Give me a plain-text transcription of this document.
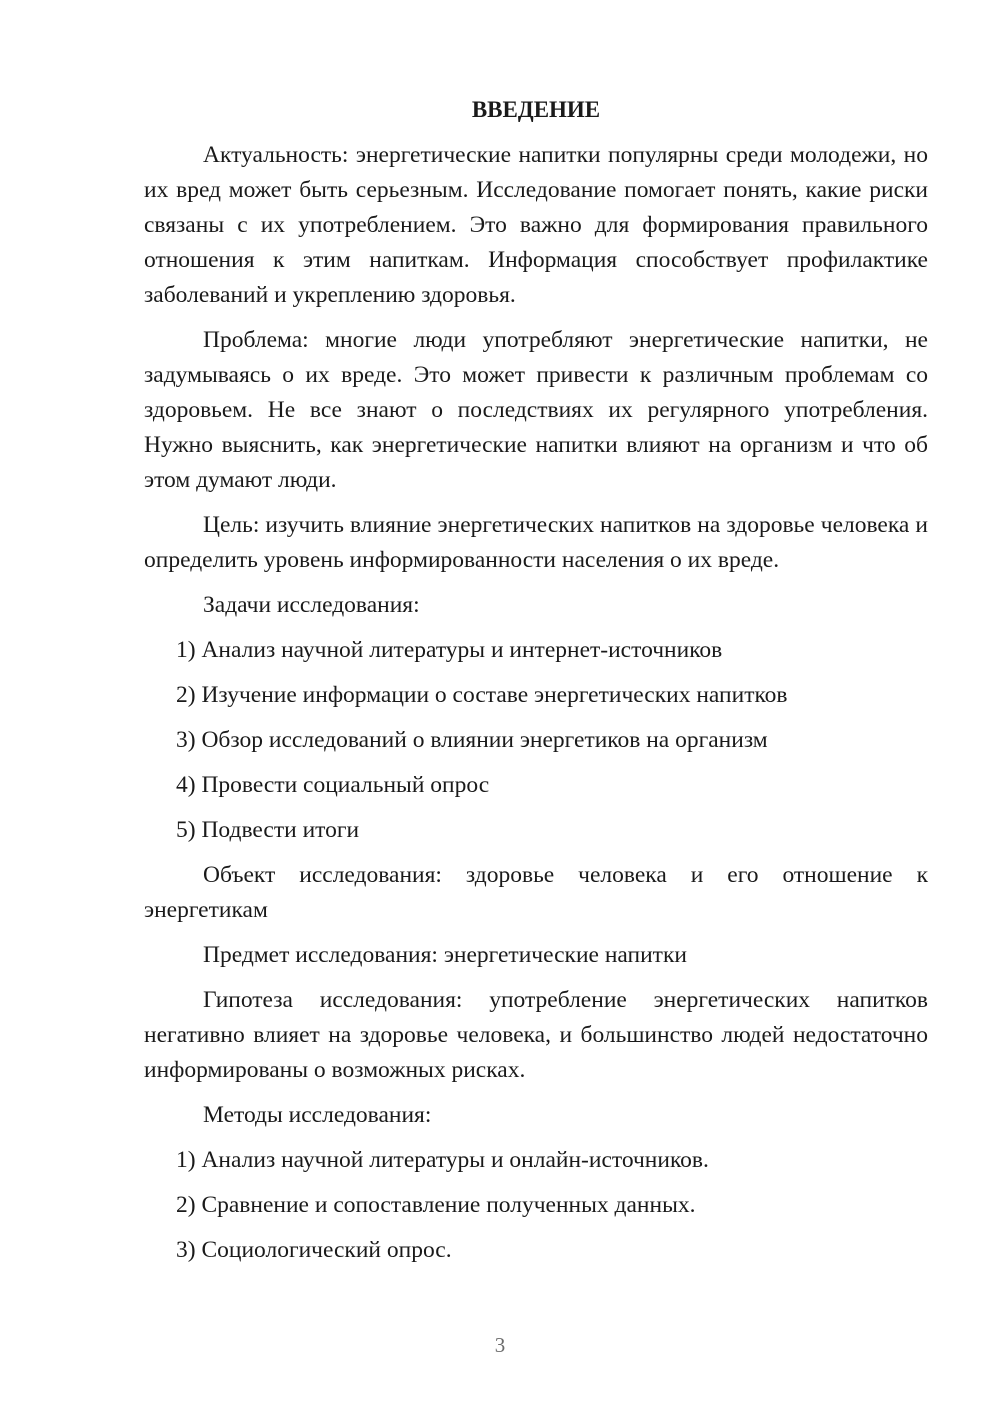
ВВЕДЕНИЕ

Актуальность: энергетические напитки популярны среди молодежи, но их вред может быть серьезным. Исследование помогает понять, какие риски связаны с их употреблением. Это важно для формирования правильного отношения к этим напиткам. Информация способствует профилактике заболеваний и укреплению здоровья.

Проблема: многие люди употребляют энергетические напитки, не задумываясь о их вреде. Это может привести к различным проблемам со здоровьем. Не все знают о последствиях их регулярного употребления. Нужно выяснить, как энергетические напитки влияют на организм и что об этом думают люди.

Цель: изучить влияние энергетических напитков на здоровье человека и определить уровень информированности населения о их вреде.

Задачи исследования:

1) Анализ научной литературы и интернет-источников

2) Изучение информации о составе энергетических напитков

3) Обзор исследований о влиянии энергетиков на организм

4) Провести социальный опрос

5) Подвести итоги

Объект исследования: здоровье человека и его отношение к энергетикам

Предмет исследования: энергетические напитки

Гипотеза исследования: употребление энергетических напитков негативно влияет на здоровье человека, и большинство людей недостаточно информированы о возможных рисках.

Методы исследования:

1) Анализ научной литературы и онлайн-источников.

2) Сравнение и сопоставление полученных данных.

3) Социологический опрос.

3
